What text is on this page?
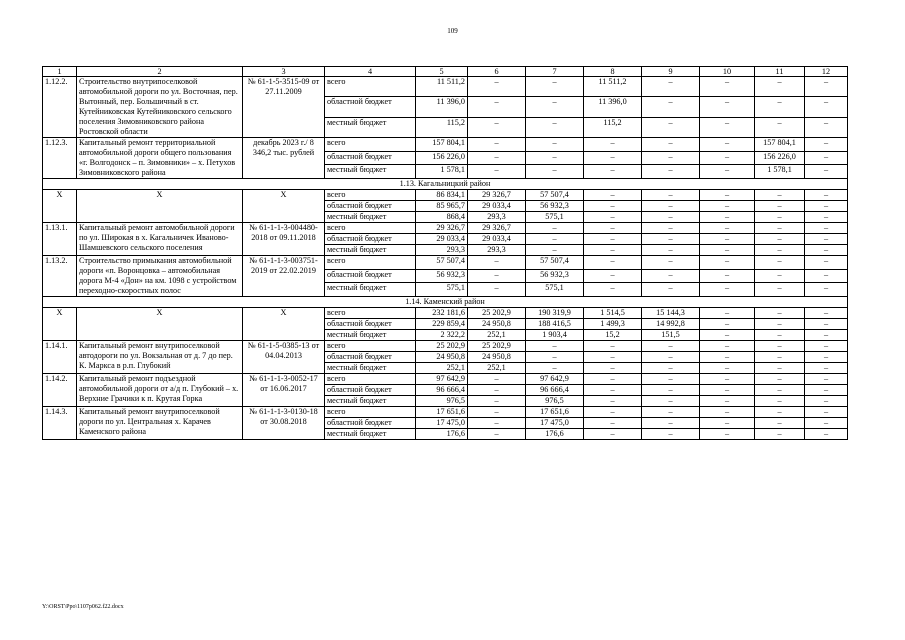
109
1	2	3	4	5	6	7	8	9	10	11	12
1.12.2.	Строительство внутрипоселковой автомобильной дороги по ул. Восточная, пер. Вытонный, пер. Большичный в ст. Кутейниковская Кутейниковского сельского поселения Зимовниковского района Ростовской области	№ 61-1-5-3515-09 от 27.11.2009	всего	11 511,2	–	–	11 511,2	–	–	–	–
			областной бюджет	11 396,0	–	–	11 396,0	–	–	–	–
			местный бюджет	115,2	–	–	115,2	–	–	–	–
1.12.3.	Капитальный ремонт территориальной автомобильной дороги общего пользования «г. Волгодонск – п. Зимовники» – х. Петухов Зимовниковского района	декабрь 2023 г./ 8 346,2 тыс. рублей	всего	157 804,1	–	–	–	–	–	157 804,1	–
			областной бюджет	156 226,0	–	–	–	–	–	156 226,0	–
			местный бюджет	1 578,1	–	–	–	–	–	1 578,1	–
1.13. Кагальницкий район											
Х	Х	Х	всего	86 834,1	29 326,7	57 507,4	–	–	–	–	–
			областной бюджет	85 965,7	29 033,4	56 932,3	–	–	–	–	–
			местный бюджет	868,4	293,3	575,1	–	–	–	–	–
1.13.1.	Капитальный ремонт автомобильной дороги по ул. Широкая в х. Кагальничек Иваново-Шамшевского сельского поселения	№ 61-1-1-3-004480-2018 от 09.11.2018	всего	29 326,7	29 326,7	–	–	–	–	–	–
			областной бюджет	29 033,4	29 033,4	–	–	–	–	–	–
			местный бюджет	293,3	293,3	–	–	–	–	–	–
1.13.2.	Строительство примыкания автомобильной дороги «п. Воронцовка – автомобильная дорога М-4 «Дон» на км. 1098 с устройством переходно-скоростных полос	№ 61-1-1-3-003751-2019 от 22.02.2019	всего	57 507,4	–	57 507,4	–	–	–	–	–
			областной бюджет	56 932,3	–	56 932,3	–	–	–	–	–
			местный бюджет	575,1	–	575,1	–	–	–	–	–
1.14. Каменский район											
Х	Х	Х	всего	232 181,6	25 202,9	190 319,9	1 514,5	15 144,3	–	–	–
			областной бюджет	229 859,4	24 950,8	188 416,5	1 499,3	14 992,8	–	–	–
			местный бюджет	2 322,2	252,1	1 903,4	15,2	151,5	–	–	–
1.14.1.	Капитальный ремонт внутрипоселковой автодороги по ул. Вокзальная от д. 7 до пер. К. Маркса в р.п. Глубокий	№ 61-1-5-0385-13 от 04.04.2013	всего	25 202,9	25 202,9	–	–	–	–	–	–
			областной бюджет	24 950,8	24 950,8	–	–	–	–	–	–
			местный бюджет	252,1	252,1	–	–	–	–	–	–
1.14.2.	Капитальный ремонт подъездной автомобильной дороги от а/д п. Глубокий – х. Верхние Грачики к п. Крутая Горка	№ 61-1-1-3-0052-17 от 16.06.2017	всего	97 642,9	–	97 642,9	–	–	–	–	–
			областной бюджет	96 666,4	–	96 666,4	–	–	–	–	–
			местный бюджет	976,5	–	976,5	–	–	–	–	–
1.14.3.	Капитальный ремонт внутрипоселковой дороги по ул. Центральная х. Карачев Каменского района	№ 61-1-1-3-0130-18 от 30.08.2018	всего	17 651,6	–	17 651,6	–	–	–	–	–
			областной бюджет	17 475,0	–	17 475,0	–	–	–	–	–
			местный бюджет	176,6	–	176,6	–	–	–	–	–
Y:\ORST\Ppo\1107p062.f22.docx
